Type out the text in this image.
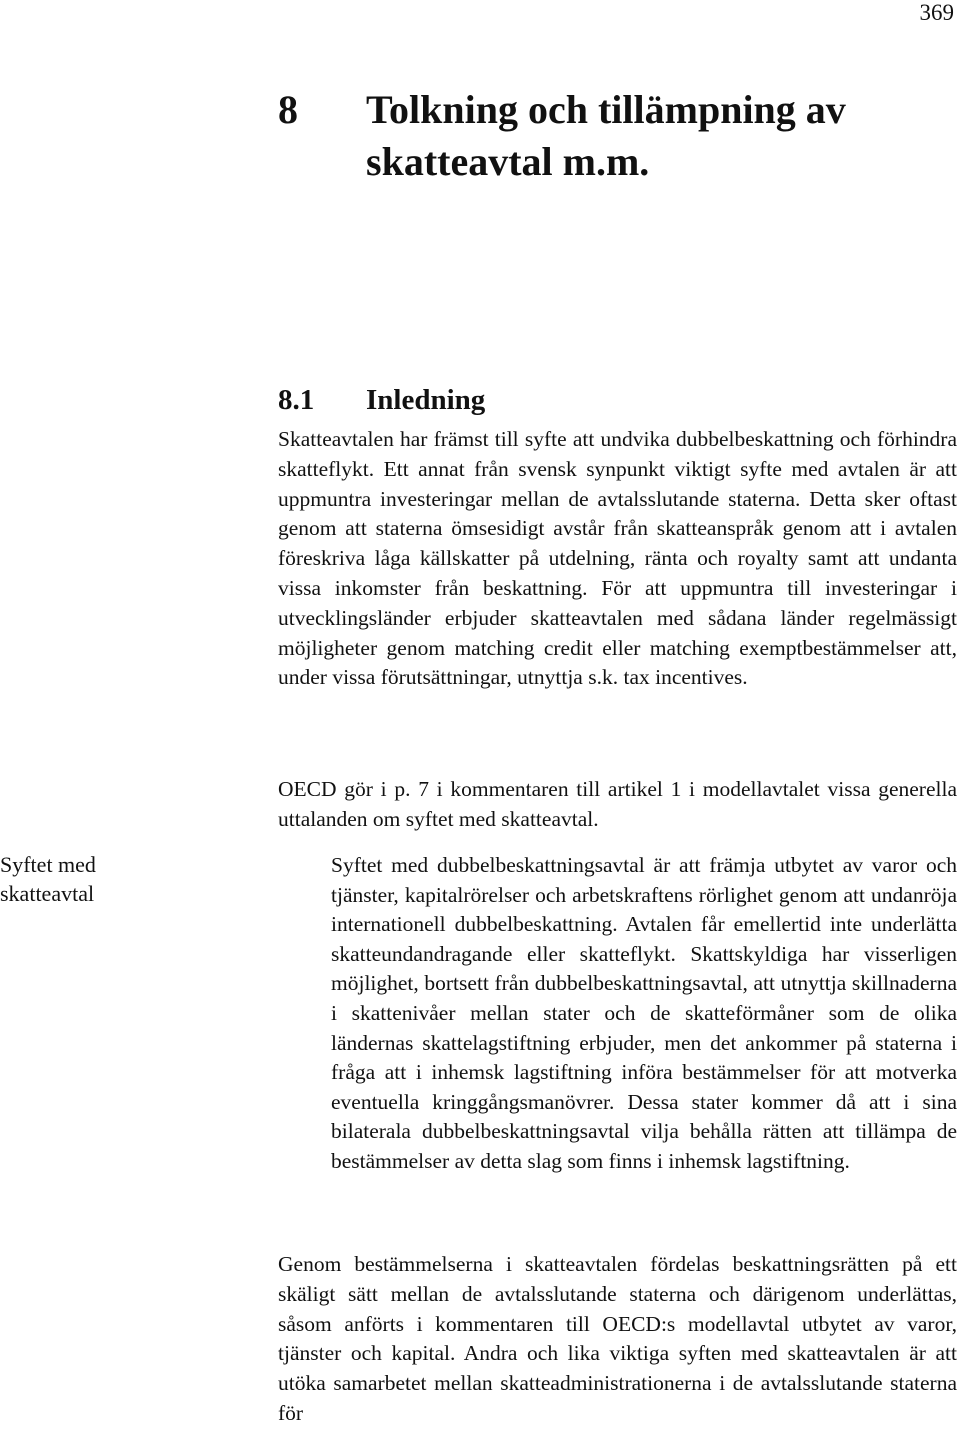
369
8	Tolkning och tillämpning av skatteavtal m.m.
8.1	Inledning

Skatteavtalen har främst till syfte att undvika dubbelbeskattning och förhindra skatteflykt. Ett annat från svensk synpunkt viktigt syfte med avtalen är att uppmuntra investeringar mellan de avtalsslutande staterna. Detta sker oftast genom att staterna ömsesidigt avstår från skatteanspråk genom att i avtalen föreskriva låga källskatter på utdelning, ränta och royalty samt att undanta vissa inkomster från beskattning. För att uppmuntra till investeringar i utvecklingsländer erbjuder skatteavtalen med sådana länder regelmässigt möjligheter genom matching credit eller matching exemptbestämmelser att, under vissa förutsättningar, utnyttja s.k. tax incentives.

OECD gör i p. 7 i kommentaren till artikel 1 i modellavtalet vissa generella uttalanden om syftet med skatteavtal.

Syftet med
skatteavtal

Syftet med dubbelbeskattningsavtal är att främja utbytet av varor och tjänster, kapitalrörelser och arbetskraftens rörlighet genom att undanröja internationell dubbelbeskattning. Avtalen får emellertid inte underlätta skatteundandragande eller skatteflykt. Skattskyldiga har visserligen möjlighet, bortsett från dubbelbeskattningsavtal, att utnyttja skillnaderna i skattenivåer mellan stater och de skatteförmåner som de olika ländernas skattelagstiftning erbjuder, men det ankommer på staterna i fråga att i inhemsk lagstiftning införa bestämmelser för att motverka eventuella kringgångsmanövrer. Dessa stater kommer då att i sina bilaterala dubbelbeskattningsavtal vilja behålla rätten att tillämpa de bestämmelser av detta slag som finns i inhemsk lagstiftning.

Genom bestämmelserna i skatteavtalen fördelas beskattningsrätten på ett skäligt sätt mellan de avtalsslutande staterna och därigenom underlättas, såsom anförts i kommentaren till OECD:s modellavtal utbytet av varor, tjänster och kapital. Andra och lika viktiga syften med skatteavtalen är att utöka samarbetet mellan skatteadministrationerna i de avtalsslutande staterna för
